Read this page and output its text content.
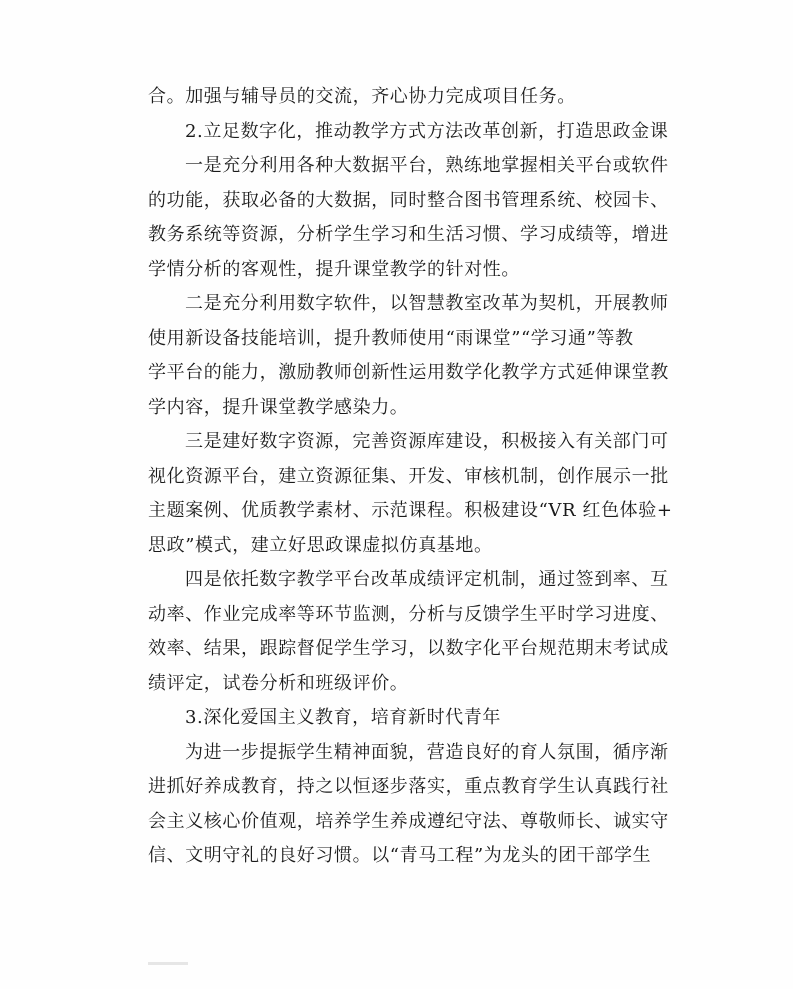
合。加强与辅导员的交流，齐心协力完成项目任务。
2.立足数字化，推动教学方式方法改革创新，打造思政金课
一是充分利用各种大数据平台，熟练地掌握相关平台或软件
的功能，获取必备的大数据，同时整合图书管理系统、校园卡、
教务系统等资源，分析学生学习和生活习惯、学习成绩等，增进
学情分析的客观性，提升课堂教学的针对性。
二是充分利用数字软件，以智慧教室改革为契机，开展教师
使用新设备技能培训，提升教师使用“雨课堂”“学习通”等教
学平台的能力，激励教师创新性运用数学化教学方式延伸课堂教
学内容，提升课堂教学感染力。
三是建好数字资源，完善资源库建设，积极接入有关部门可
视化资源平台，建立资源征集、开发、审核机制，创作展示一批
主题案例、优质教学素材、示范课程。积极建设“VR 红色体验+
思政”模式，建立好思政课虚拟仿真基地。
四是依托数字教学平台改革成绩评定机制，通过签到率、互
动率、作业完成率等环节监测，分析与反馈学生平时学习进度、
效率、结果，跟踪督促学生学习，以数字化平台规范期末考试成
绩评定，试卷分析和班级评价。
3.深化爱国主义教育，培育新时代青年
为进一步提振学生精神面貌，营造良好的育人氛围，循序渐
进抓好养成教育，持之以恒逐步落实，重点教育学生认真践行社
会主义核心价值观，培养学生养成遵纪守法、尊敬师长、诚实守
信、文明守礼的良好习惯。以“青马工程”为龙头的团干部学生
